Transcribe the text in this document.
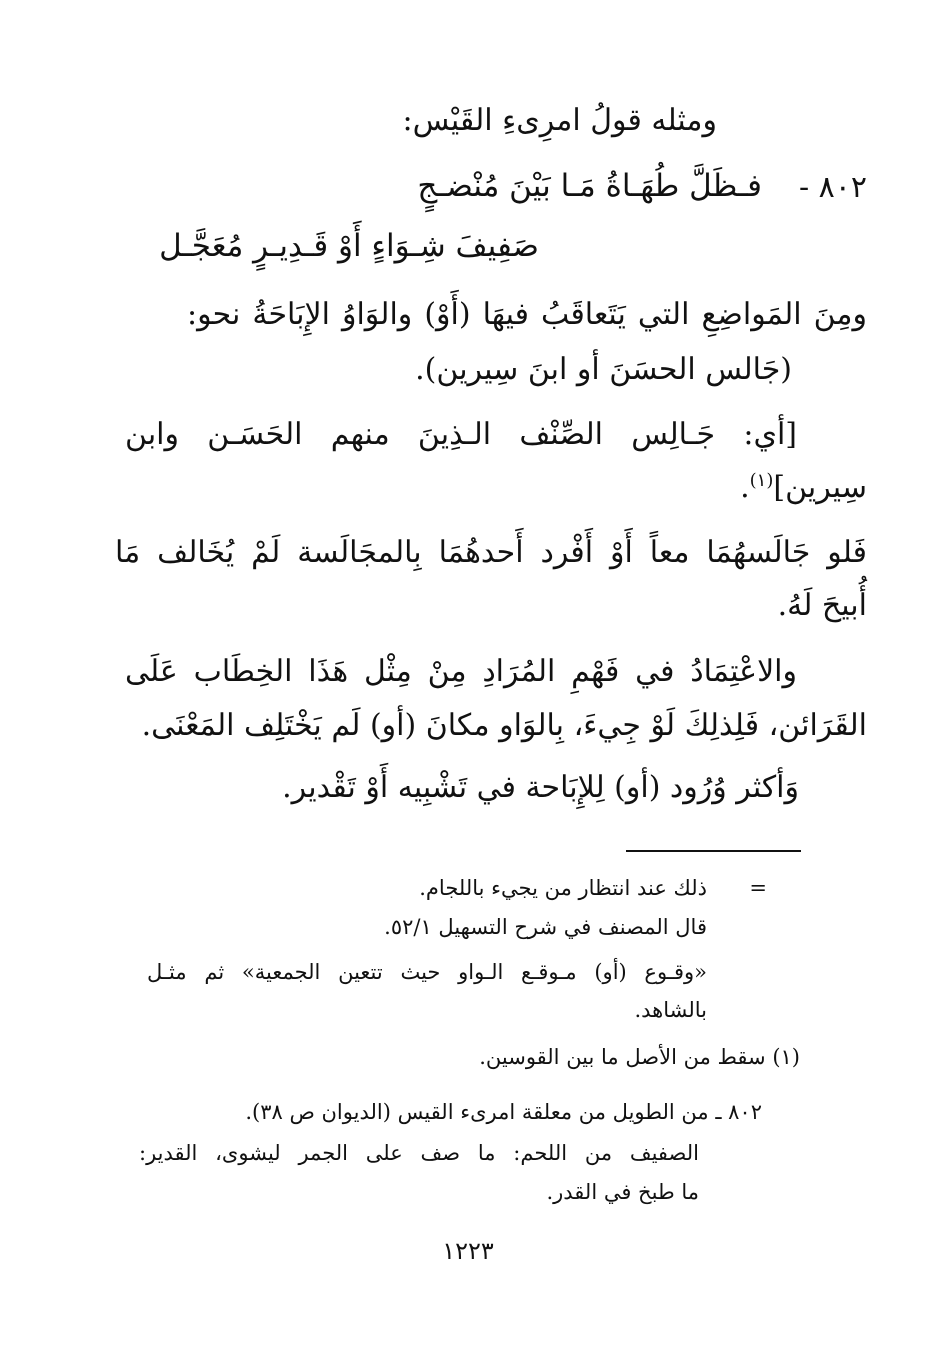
ومثله قولُ امرِىءِ القَيْس:
٨٠٢ -
فـظَلَّ طُهَـاةُ مَـا بَيْنَ مُنْضـجٍ
صَفِيفَ شِـوَاءٍ أَوْ قَـدِيـرٍ مُعَجَّـل
ومِنَ المَواضِعِ التي يَتَعاقَبُ فيهَا (أَوْ) والوَاوُ الإِبَاحَةُ نحو:
(جَالس الحسَنَ أو ابنَ سِيرين).
[أي: جَـالِس الصِّنْف الـذِينَ منهم الحَسَـن وابن
سِيرين]$^{(١)}$.
فَلو جَالَسهُمَا معاً أَوْ أَفْرد أَحدهُمَا بِالمجَالَسة لَمْ يُخَالف مَا
أُبيحَ لَهُ.
والاعْتِمَادُ في فَهْمِ المُرَادِ مِنْ مِثْل هَذَا الخِطَاب عَلَى
القَرَائن، فَلِذلِكَ لَوْ جِيءَ، بِالوَاو مكانَ (أو) لَم يَخْتَلِف المَعْنَى.
وَأكثر وُرُود (أو) لِلإِبَاحة في تَشْبِيه أَوْ تَقْدير.
=
ذلك عند انتظار من يجيء باللجام.
قال المصنف في شرح التسهيل ٥٢/١.
«وقـوع (أو) مـوقـع الـواو حيث تتعين الجمعية» ثم مثـل
بالشاهد.
(١) سقط من الأصل ما بين القوسين.
٨٠٢ ـ من الطويل من معلقة امرىء القيس (الديوان ص ٣٨).
الصفيف من اللحم: ما صف على الجمر ليشوى، القدير:
ما طبخ في القدر.
١٢٢٣
